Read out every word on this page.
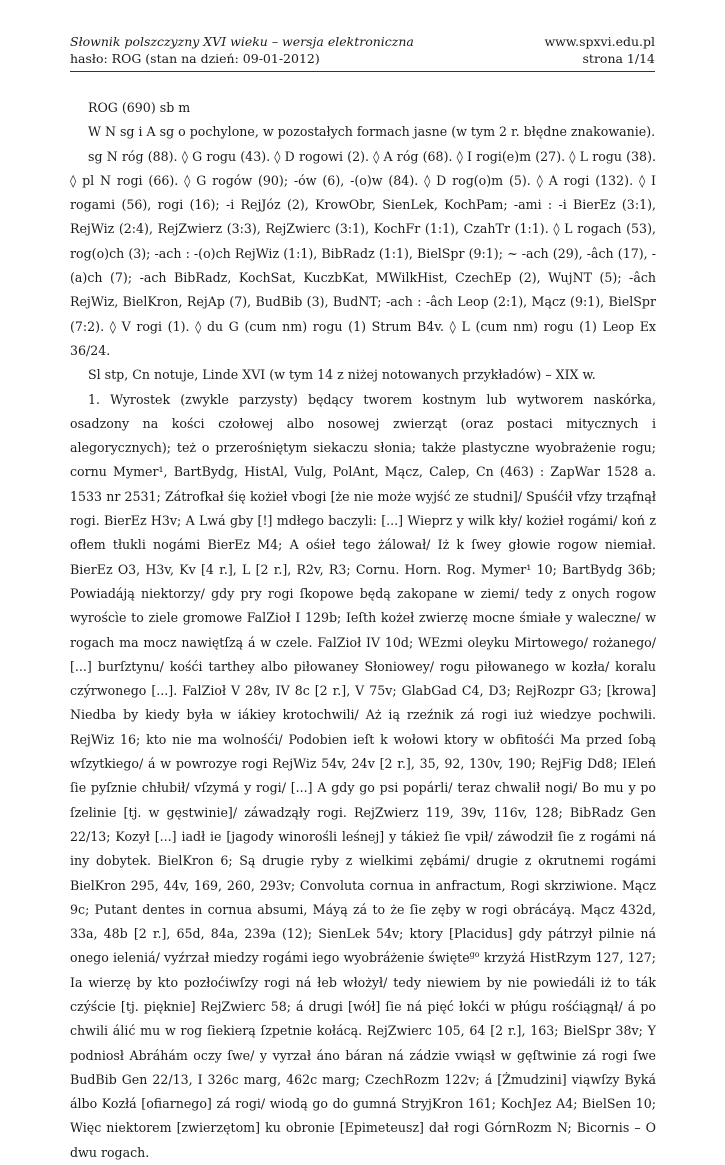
Słownik polszczyzny XVI wieku – wersja elektroniczna	www.spxvi.edu.pl
hasło: ROG (stan na dzień: 09-01-2012)	strona 1/14

ROG (690) sb m

W N sg i A sg o pochylone, w pozostałych formach jasne (w tym 2 r. błędne znakowanie).

sg N róg (88). ◊ G rogu (43). ◊ D rogowi (2). ◊ A róg (68). ◊ I rogi(e)m (27). ◊ L rogu (38). ◊ pl N rogi (66). ◊ G rogów (90); -ów (6), -(o)w (84). ◊ D rog(o)m (5). ◊ A rogi (132). ◊ I rogami (56), rogi (16); -i RejJóz (2), KrowObr, SienLek, KochPam; -ami : -i BierEz (3:1), RejWiz (2:4), RejZwierz (3:3), RejZwierc (3:1), KochFr (1:1), CzahTr (1:1). ◊ L rogach (53), rog(o)ch (3); -ach : -(o)ch RejWiz (1:1), BibRadz (1:1), BielSpr (9:1); ~ -ach (29), -âch (17), -(a)ch (7); -ach BibRadz, KochSat, KuczbKat, MWilkHist, CzechEp (2), WujNT (5); -âch RejWiz, BielKron, RejAp (7), BudBib (3), BudNT; -ach : -âch Leop (2:1), Mącz (9:1), BielSpr (7:2). ◊ V rogi (1). ◊ du G (cum nm) rogu (1) Strum B4v. ◊ L (cum nm) rogu (1) Leop Ex 36/24.

Sl stp, Cn notuje, Linde XVI (w tym 14 z niżej notowanych przykładów) – XIX w.

1. Wyrostek (zwykle parzysty) będący tworem kostnym lub wytworem naskórka, osadzony na kości czołowej albo nosowej zwierząt (oraz postaci mitycznych i alegorycznych); też o przerośniętym siekaczu słonia; także plastyczne wyobrażenie rogu; cornu Mymer¹, BartBydg, HistAl, Vulg, PolAnt, Mącz, Calep, Cn (463) : ZapWar 1528 a. 1533 nr 2531; Zátrofkał śię kożieł vbogi [że nie może wyjść ze studni]/ Spuśćił vfzy trząfnął rogi. BierEz H3v; A Lwá gby [!] mdłego baczyli: [...] Wieprz y wilk kły/ kożieł rogámi/ koń z ofłem tłukli nogámi BierEz M4; A ośieł tego żálował/ Iż k ſwey głowie rogow niemiał. BierEz O3, H3v, Kv [4 r.], L [2 r.], R2v, R3; Cornu. Horn. Rog. Mymer¹ 10; BartBydg 36b; Powiadáją niektorzy/ gdy pry rogi ſkopowe będą zakopane w ziemi/ tedy z onych rogow wyroścìe to ziele gromowe FalZioł I 129b; Ieſth kożeł zwierzę mocne śmiałe y waleczne/ w rogach ma mocz nawiętſzą á w czele. FalZioł IV 10d; WEzmi oleyku Mirtowego/ rożanego/ [...] burſztynu/ kośći tarthey albo piłowaney Słoniowey/ rogu piłowanego w kozła/ koralu czýrwonego [...]. FalZioł V 28v, IV 8c [2 r.], V 75v; GlabGad C4, D3; RejRozpr G3; [krowa] Niedba by kiedy była w iákiey krotochwili/ Aż ią rzeźnik zá rogi iuż wiedzye pochwili. RejWiz 16; kto nie ma wolnośći/ Podobien ieſt k wołowi ktory w obfitośći Ma przed ſobą wſzytkiego/ á w powrozye rogi RejWiz 54v, 24v [2 r.], 35, 92, 130v, 190; RejFig Dd8; IEleń ſie pyſznie chłubił/ vſzymá y rogi/ [...] A gdy go psi popárli/ teraz chwalił nogi/ Bo mu y po ſzelinie [tj. w gęstwinie]/ záwadząły rogi. RejZwierz 119, 39v, 116v, 128; BibRadz Gen 22/13; Kozył [...] iadł ie [jagody winorośli leśnej] y tákież ſie vpił/ záwodził ſie z rogámi ná iny dobytek. BielKron 6; Są drugie ryby z wielkimi zębámi/ drugie z okrutnemi rogámi BielKron 295, 44v, 169, 260, 293v; Convoluta cornua in anfractum, Rogi skrziwione. Mącz 9c; Putant dentes in cornua absumi, Máyą zá to że ſie zęby w rogi obrácáyą. Mącz 432d, 33a, 48b [2 r.], 65d, 84a, 239a (12); SienLek 54v; ktory [Placidus] gdy pátrzył pilnie ná onego ieleniá/ vyźrzał miedzy rogámi iego wyobráżenie święte$^{go}$ krzyżá HistRzym 127, 127; Ia wierzę by kto pozłoćiwſzy rogi ná łeb włożył/ tedy niewiem by nie powiedáli iż to ták czýście [tj. pięknie] RejZwierc 58; á drugi [wół] ſie ná pięć łokći w płúgu rośćiągnął/ á po chwili álić mu w rog ſiekierą ſzpetnie kołácą. RejZwierc 105, 64 [2 r.], 163; BielSpr 38v; Y podniosł Abráhám oczy ſwe/ y vyrzał áno báran ná zádzie vwiąsł w gęſtwinie zá rogi ſwe BudBib Gen 22/13, I 326c marg, 462c marg; CzechRozm 122v; á [Żmudzini] viąwſzy Byká álbo Kozłá [ofiarnego] zá rogi/ wiodą go do gumná StryjKron 161; KochJez A4; BielSen 10; Więc niektorem [zwierzętom] ku obronie [Epimeteusz] dał rogi GórnRozm N; Bicornis – O dwu rogach.
